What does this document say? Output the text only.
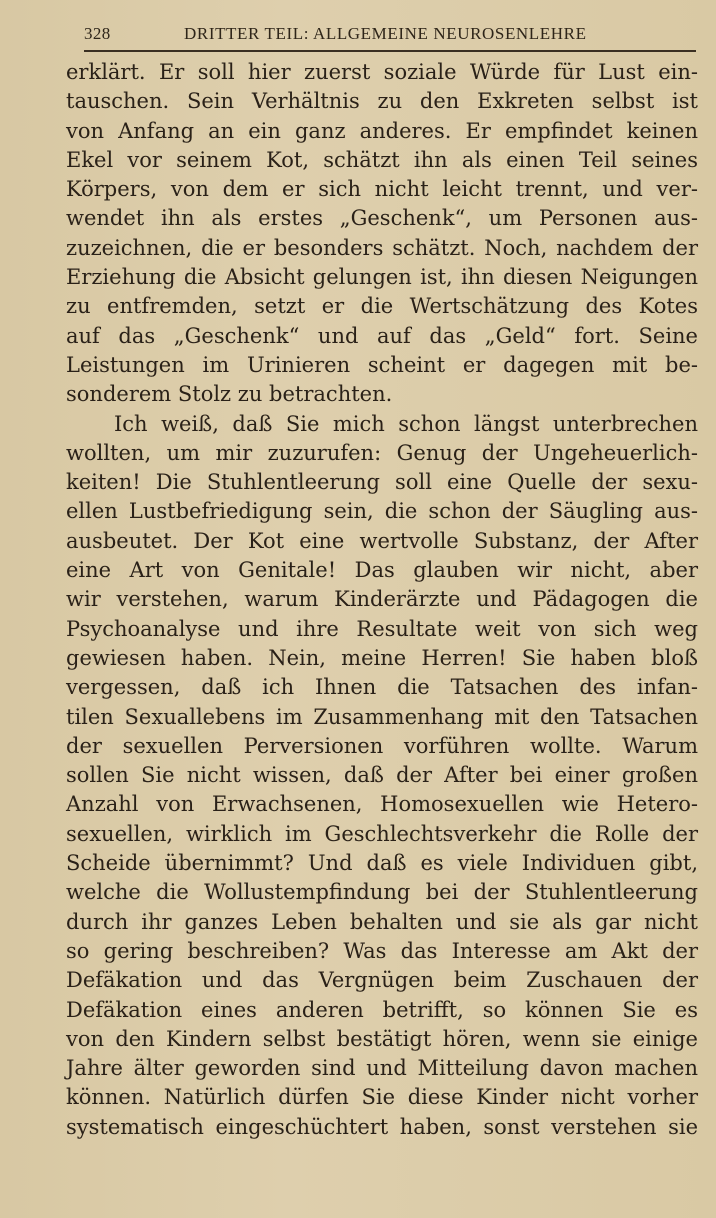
328	DRITTER TEIL: ALLGEMEINE NEUROSENLEHRE
erklärt. Er soll hier zuerst soziale Würde für Lust ein-
tauschen. Sein Verhältnis zu den Exkreten selbst ist
von Anfang an ein ganz anderes. Er empfindet keinen
Ekel vor seinem Kot, schätzt ihn als einen Teil seines
Körpers, von dem er sich nicht leicht trennt, und ver-
wendet ihn als erstes „Geschenk“, um Personen aus-
zuzeichnen, die er besonders schätzt. Noch, nachdem der
Erziehung die Absicht gelungen ist, ihn diesen Neigungen
zu entfremden, setzt er die Wertschätzung des Kotes
auf das „Geschenk“ und auf das „Geld“ fort. Seine
Leistungen im Urinieren scheint er dagegen mit be-
sonderem Stolz zu betrachten.
Ich weiß, daß Sie mich schon längst unterbrechen
wollten, um mir zuzurufen: Genug der Ungeheuerlich-
keiten! Die Stuhlentleerung soll eine Quelle der sexu-
ellen Lustbefriedigung sein, die schon der Säugling aus-
ausbeutet. Der Kot eine wertvolle Substanz, der After
eine Art von Genitale! Das glauben wir nicht, aber
wir verstehen, warum Kinderärzte und Pädagogen die
Psychoanalyse und ihre Resultate weit von sich weg
gewiesen haben. Nein, meine Herren! Sie haben bloß
vergessen, daß ich Ihnen die Tatsachen des infan-
tilen Sexuallebens im Zusammenhang mit den Tatsachen
der sexuellen Perversionen vorführen wollte. Warum
sollen Sie nicht wissen, daß der After bei einer großen
Anzahl von Erwachsenen, Homosexuellen wie Hetero-
sexuellen, wirklich im Geschlechtsverkehr die Rolle der
Scheide übernimmt? Und daß es viele Individuen gibt,
welche die Wollustempfindung bei der Stuhlentleerung
durch ihr ganzes Leben behalten und sie als gar nicht
so gering beschreiben? Was das Interesse am Akt der
Defäkation und das Vergnügen beim Zuschauen der
Defäkation eines anderen betrifft, so können Sie es
von den Kindern selbst bestätigt hören, wenn sie einige
Jahre älter geworden sind und Mitteilung davon machen
können. Natürlich dürfen Sie diese Kinder nicht vorher
systematisch eingeschüchtert haben, sonst verstehen sie
